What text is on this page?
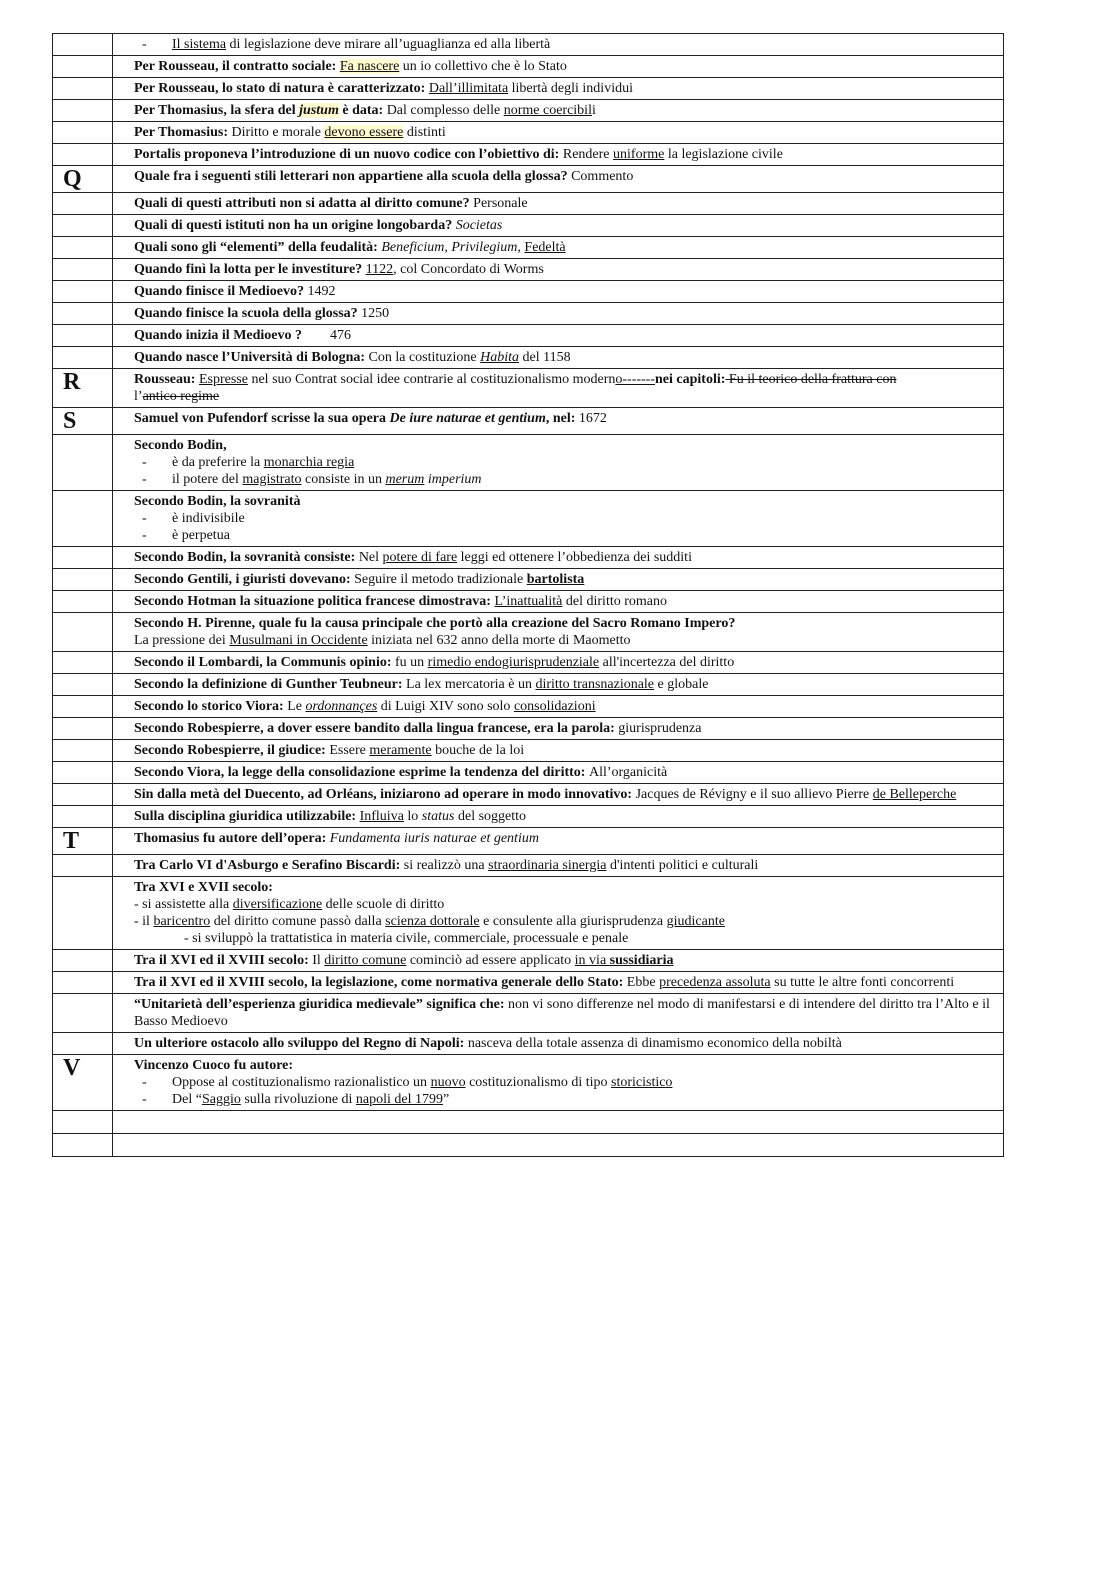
	- Il sistema di legislazione deve mirare all’uguaglianza ed alla libertà

	Per Rousseau, il contratto sociale: Fa nascere un io collettivo che è lo Stato
	Per Rousseau, lo stato di natura è caratterizzato: Dall’illimitata libertà degli individui
	Per Thomasius, la sfera del justum è data: Dal complesso delle norme coercibili
	Per Thomasius: Diritto e morale devono essere distinti
	Portalis proponeva l’introduzione di un nuovo codice con l’obiettivo di: Rendere uniforme la legislazione civile
Q	Quale fra i seguenti stili letterari non appartiene alla scuola della glossa? Commento
	Quali di questi attributi non si adatta al diritto comune? Personale
	Quali di questi istituti non ha un origine longobarda? Societas
	Quali sono gli “elementi” della feudalità: Beneficium, Privilegium, Fedeltà
	Quando finì la lotta per le investiture? 1122, col Concordato di Worms
	Quando finisce il Medioevo? 1492
	Quando finisce la scuola della glossa? 1250
	Quando inizia il Medioevo ? 476
	Quando nasce l’Università di Bologna: Con la costituzione Habita del 1158
R	Rousseau: Espresse nel suo Contrat social idee contrarie al costituzionalismo moderno-------nei capitoli: Fu il teorico della frattura con
l’antico regime
S	Samuel von Pufendorf scrisse la sua opera De iure naturae et gentium, nel: 1672

	Secondo Bodin,
- è da preferire la monarchia regia
- il potere del magistrato consiste in un merum imperium

	Secondo Bodin, la sovranità
- è indivisibile
- è perpetua

	Secondo Bodin, la sovranità consiste: Nel potere di fare leggi ed ottenere l’obbedienza dei sudditi
	Secondo Gentili, i giuristi dovevano: Seguire il metodo tradizionale bartolista
	Secondo Hotman la situazione politica francese dimostrava: L’inattualità del diritto romano

	Secondo H. Pirenne, quale fu la causa principale che portò alla creazione del Sacro Romano Impero?
La pressione dei Musulmani in Occidente iniziata nel 632 anno della morte di Maometto
	Secondo il Lombardi, la Communis opinio: fu un rimedio endogiurisprudenziale all'incertezza del diritto
	Secondo la definizione di Gunther Teubneur: La lex mercatoria è un diritto transnazionale e globale
	Secondo lo storico Viora: Le ordonnançes di Luigi XIV sono solo consolidazioni
	Secondo Robespierre, a dover essere bandito dalla lingua francese, era la parola: giurisprudenza
	Secondo Robespierre, il giudice: Essere meramente bouche de la loi
	Secondo Viora, la legge della consolidazione esprime la tendenza del diritto: All’organicità
	Sin dalla metà del Duecento, ad Orléans, iniziarono ad operare in modo innovativo: Jacques de Révigny e il suo allievo Pierre de Belleperche
	Sulla disciplina giuridica utilizzabile: Influiva lo status del soggetto
T	Thomasius fu autore dell’opera: Fundamenta iuris naturae et gentium
	Tra Carlo VI d'Asburgo e Serafino Biscardi: si realizzò una straordinaria sinergia d'intenti politici e culturali

	Tra XVI e XVII secolo:
- si assistette alla diversificazione delle scuole di diritto
- il baricentro del diritto comune passò dalla scienza dottorale e consulente alla giurisprudenza giudicante
- si sviluppò la trattatistica in materia civile, commerciale, processuale e penale

	Tra il XVI ed il XVIII secolo: Il diritto comune cominciò ad essere applicato in via sussidiaria
	Tra il XVI ed il XVIII secolo, la legislazione, come normativa generale dello Stato: Ebbe precedenza assoluta su tutte le altre fonti concorrenti
	“Unitarietà dell’esperienza giuridica medievale” significa che: non vi sono differenze nel modo di manifestarsi e di intendere del diritto tra l’Alto e il Basso Medioevo
	Un ulteriore ostacolo allo sviluppo del Regno di Napoli: nasceva della totale assenza di dinamismo economico della nobiltà
V	Vincenzo Cuoco fu autore:
- Oppose al costituzionalismo razionalistico un nuovo costituzionalismo di tipo storicistico
- Del “Saggio sulla rivoluzione di napoli del 1799”
